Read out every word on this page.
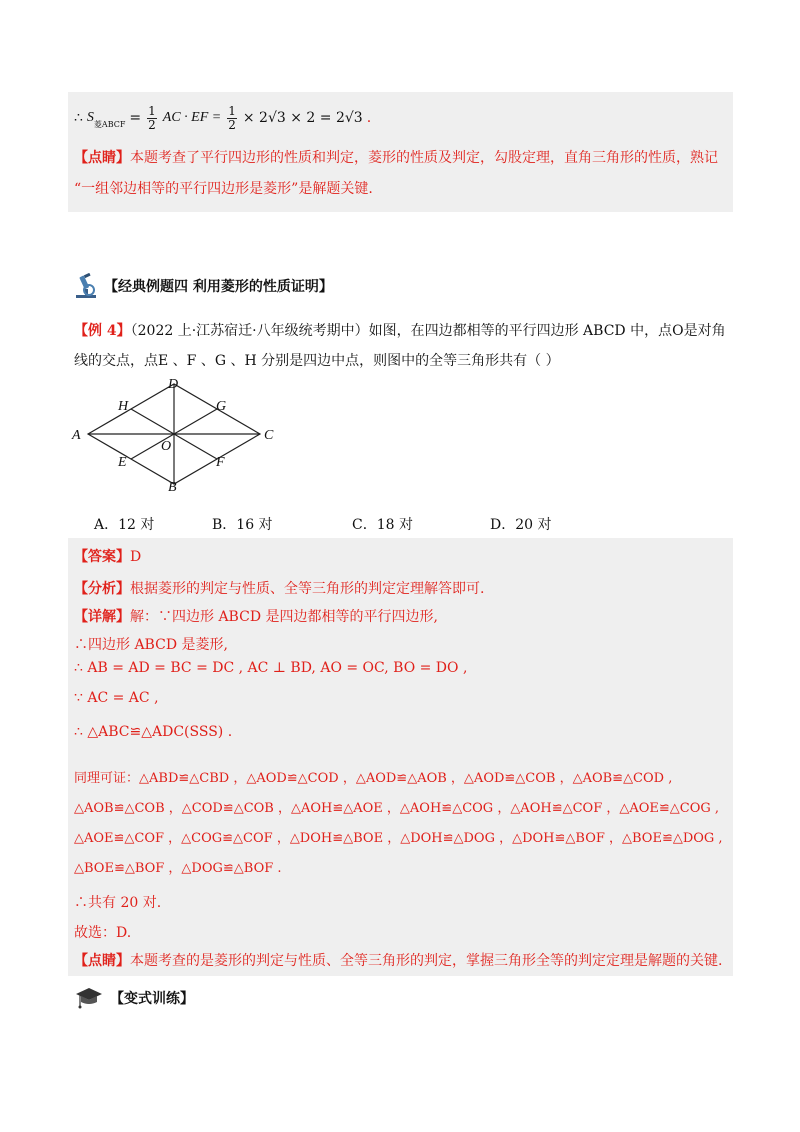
∴ S 菱ABCF = $\frac{1}{2}$ AC · EF = $\frac{1}{2} \times 2√3 \times 2 = 2√3$ .
【点睛】本题考查了平行四边形的性质和判定，菱形的性质及判定，勾股定理，直角三角形的性质，熟记
“一组邻边相等的平行四边形是菱形”是解题关键.
【经典例题四 利用菱形的性质证明】
【例 4】（2022 上·江苏宿迁·八年级统考期中）如图，在四边都相等的平行四边形 ABCD 中，点O是对角
线的交点，点E 、F 、G 、H 分别是四边中点，则图中的全等三角形共有（ ）
A
D
C
B
H	G
E	F
O
A．12 对	B．16 对	C．18 对	D．20 对
【答案】D
【分析】根据菱形的判定与性质、全等三角形的判定定理解答即可.
【详解】解：∵四边形 ABCD 是四边都相等的平行四边形,
∴四边形 ABCD 是菱形,
∴ AB = AD = BC = DC , AC ⊥ BD, AO = OC, BO = DO ,
∵ AC = AC ,
∴ △ABC≌△ADC(SSS) .
同理可证：△ABD≌△CBD ，△AOD≌△COD ，△AOD≌△AOB ，△AOD≌△COB ，△AOB≌△COD ,
△AOB≌△COB ，△COD≌△COB ，△AOH≌△AOE ，△AOH≌△COG ，△AOH≌△COF ，△AOE≌△COG ,
△AOE≌△COF ，△COG≌△COF ，△DOH≌△BOE ，△DOH≌△DOG ，△DOH≌△BOF ，△BOE≌△DOG ,
△BOE≌△BOF ，△DOG≌△BOF .
∴共有 20 对.
故选：D.
【点睛】本题考查的是菱形的判定与性质、全等三角形的判定，掌握三角形全等的判定定理是解题的关键.
【变式训练】
